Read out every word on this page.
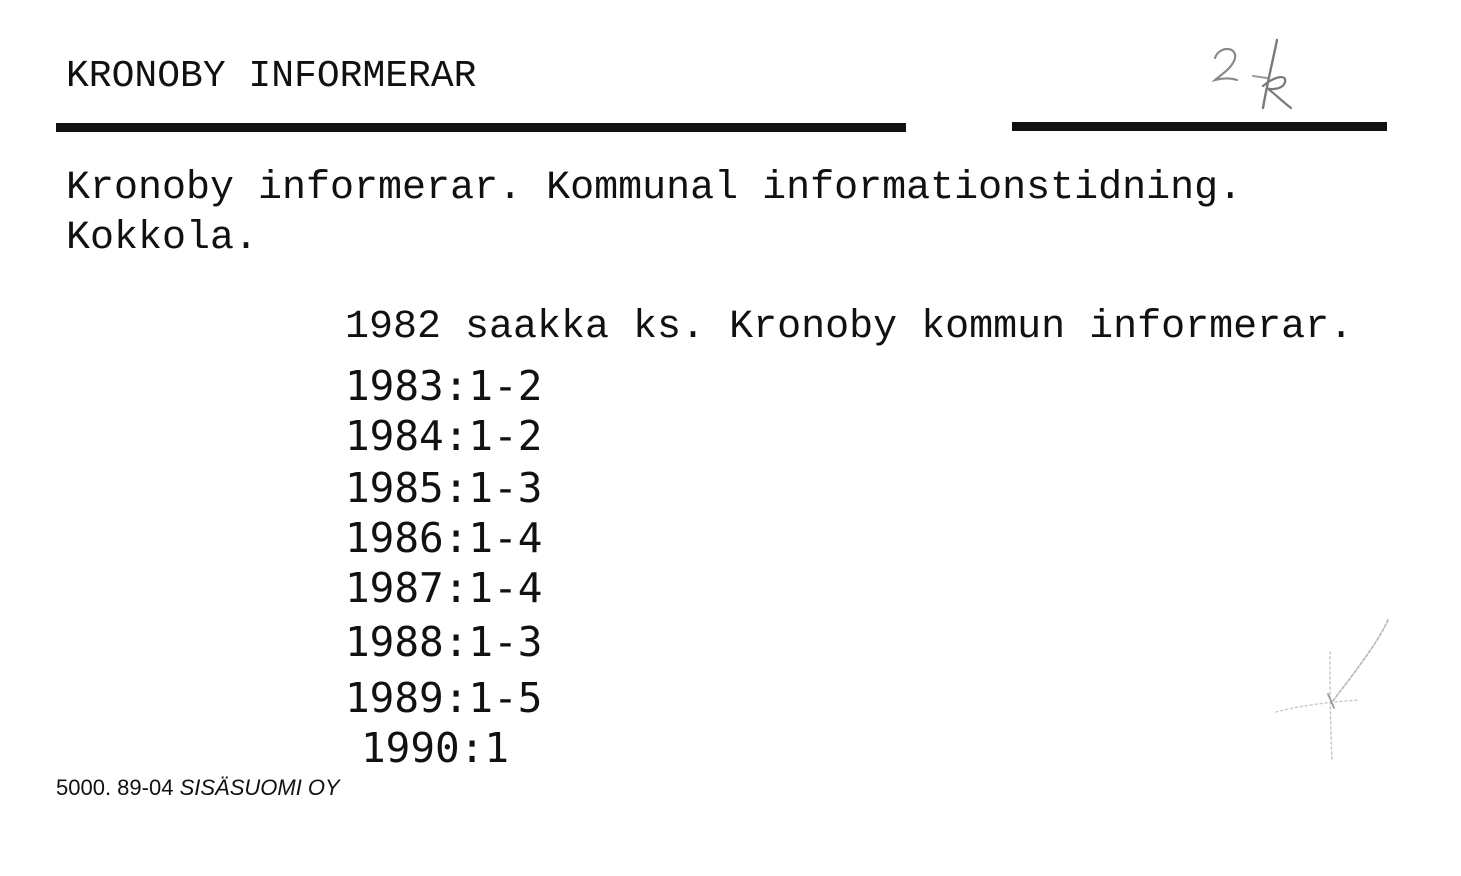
KRONOBY INFORMERAR
Kronoby informerar. Kommunal informationstidning.
Kokkola.
1982 saakka ks. Kronoby kommun informerar.
1983:1-2
1984:1-2
1985:1-3
1986:1-4
1987:1-4
1988:1-3
1989:1-5
1990:1
5000. 89-04 SISÄSUOMI OY
